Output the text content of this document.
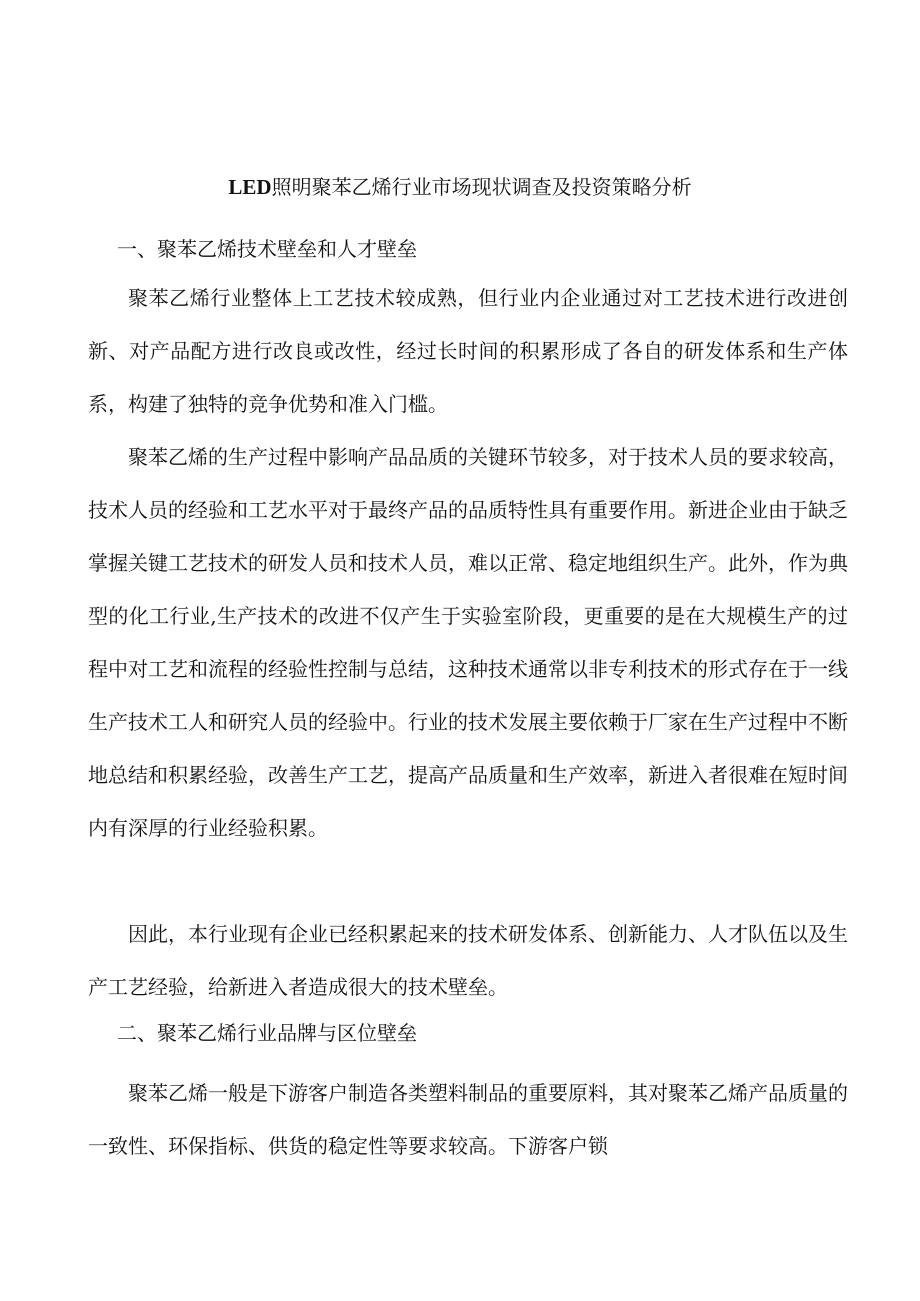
LED照明聚苯乙烯行业市场现状调查及投资策略分析
一、聚苯乙烯技术壁垒和人才壁垒

聚苯乙烯行业整体上工艺技术较成熟，但行业内企业通过对工艺技术进行改进创新、对产品配方进行改良或改性，经过长时间的积累形成了各自的研发体系和生产体系，构建了独特的竞争优势和准入门槛。

聚苯乙烯的生产过程中影响产品品质的关键环节较多，对于技术人员的要求较高，技术人员的经验和工艺水平对于最终产品的品质特性具有重要作用。新进企业由于缺乏掌握关键工艺技术的研发人员和技术人员，难以正常、稳定地组织生产。此外，作为典型的化工行业,生产技术的改进不仅产生于实验室阶段，更重要的是在大规模生产的过程中对工艺和流程的经验性控制与总结，这种技术通常以非专利技术的形式存在于一线生产技术工人和研究人员的经验中。行业的技术发展主要依赖于厂家在生产过程中不断地总结和积累经验，改善生产工艺，提高产品质量和生产效率，新进入者很难在短时间内有深厚的行业经验积累。

因此，本行业现有企业已经积累起来的技术研发体系、创新能力、人才队伍以及生产工艺经验，给新进入者造成很大的技术壁垒。

二、聚苯乙烯行业品牌与区位壁垒

聚苯乙烯一般是下游客户制造各类塑料制品的重要原料，其对聚苯乙烯产品质量的一致性、环保指标、供货的稳定性等要求较高。下游客户锁
